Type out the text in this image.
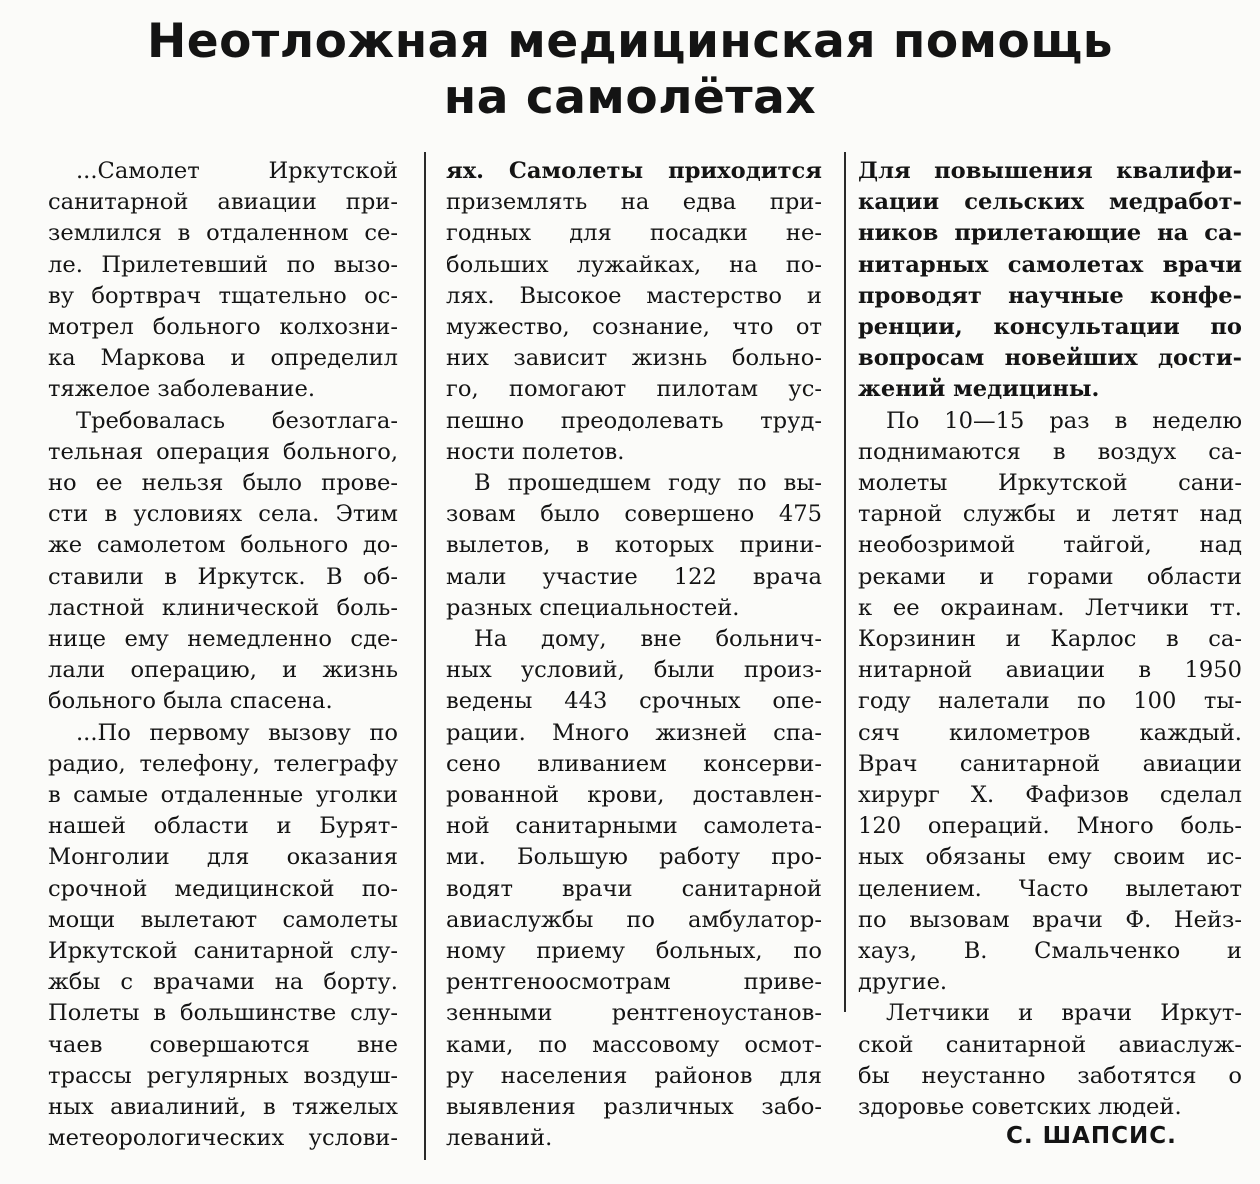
Неотложная медицинская помощь
на самолётах
...Самолет Иркутской
санитарной авиации при-
землился в отдаленном се-
ле. Прилетевший по вызо-
ву бортврач тщательно ос-
мотрел больного колхозни-
ка Маркова и определил
тяжелое заболевание.
Требовалась безотлага-
тельная операция больного,
но ее нельзя было прове-
сти в условиях села. Этим
же самолетом больного до-
ставили в Иркутск. В об-
ластной клинической боль-
нице ему немедленно сде-
лали операцию, и жизнь
больного была спасена.
...По первому вызову по
радио, телефону, телеграфу
в самые отдаленные уголки
нашей области и Бурят-
Монголии для оказания
срочной медицинской по-
мощи вылетают самолеты
Иркутской санитарной слу-
жбы с врачами на борту.
Полеты в большинстве слу-
чаев совершаются вне
трассы регулярных воздуш-
ных авиалиний, в тяжелых
метеорологических услови-
ях. Самолеты приходится
приземлять на едва при-
годных для посадки не-
больших лужайках, на по-
лях. Высокое мастерство и
мужество, сознание, что от
них зависит жизнь больно-
го, помогают пилотам ус-
пешно преодолевать труд-
ности полетов.
В прошедшем году по вы-
зовам было совершено 475
вылетов, в которых прини-
мали участие 122 врача
разных специальностей.
На дому, вне больнич-
ных условий, были произ-
ведены 443 срочных опе-
рации. Много жизней спа-
сено вливанием консерви-
рованной крови, доставлен-
ной санитарными самолета-
ми. Большую работу про-
водят врачи санитарной
авиаслужбы по амбулатор-
ному приему больных, по
рентгеноосмотрам приве-
зенными рентгеноустанов-
ками, по массовому осмот-
ру населения районов для
выявления различных забо-
леваний.
Для повышения квалифи-
кации сельских медработ-
ников прилетающие на са-
нитарных самолетах врачи
проводят научные конфе-
ренции, консультации по
вопросам новейших дости-
жений медицины.
По 10—15 раз в неделю
поднимаются в воздух са-
молеты Иркутской сани-
тарной службы и летят над
необозримой тайгой, над
реками и горами области
к ее окраинам. Летчики тт.
Корзинин и Карлос в са-
нитарной авиации в 1950
году налетали по 100 ты-
сяч километров каждый.
Врач санитарной авиации
хирург Х. Фафизов сделал
120 операций. Много боль-
ных обязаны ему своим ис-
целением. Часто вылетают
по вызовам врачи Ф. Нейз-
хауз, В. Смальченко и
другие.
Летчики и врачи Иркут-
ской санитарной авиаслуж-
бы неустанно заботятся о
здоровье советских людей.
С. ШАПСИС.
